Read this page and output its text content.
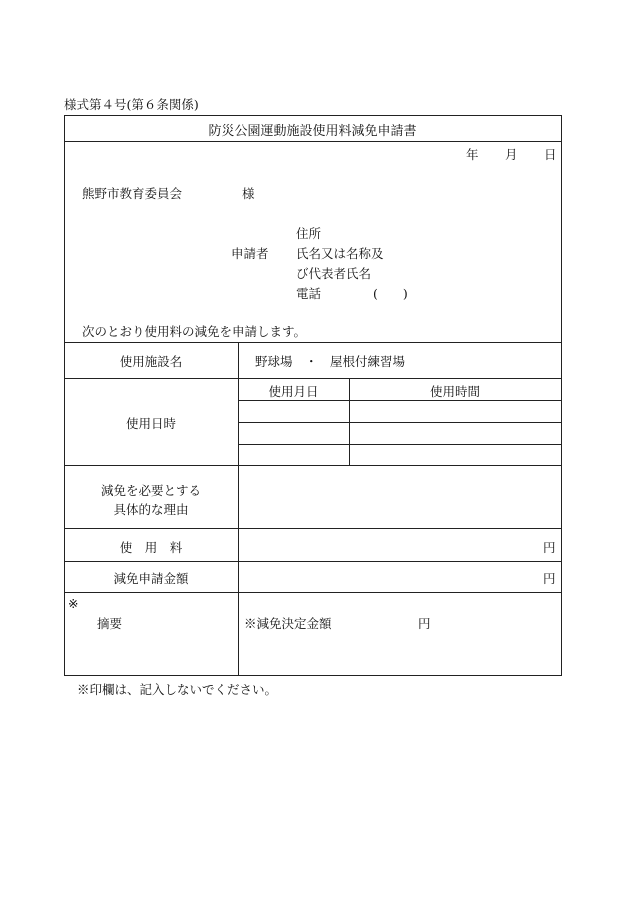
様式第４号(第６条関係)
防災公園運動施設使用料減免申請書
年 月 日
熊野市教育委員会	様
住所
申請者 氏名又は名称及
び代表者氏名
電話	(　　)
次のとおり使用料の減免を申請します。
使用施設名	野球場　・　屋根付練習場
使用日時
使用月日	使用時間
減免を必要とする
具体的な理由
使　用　料	円
減免申請金額	円
※
摘要	※減免決定金額	円
※印欄は、記入しないでください。
